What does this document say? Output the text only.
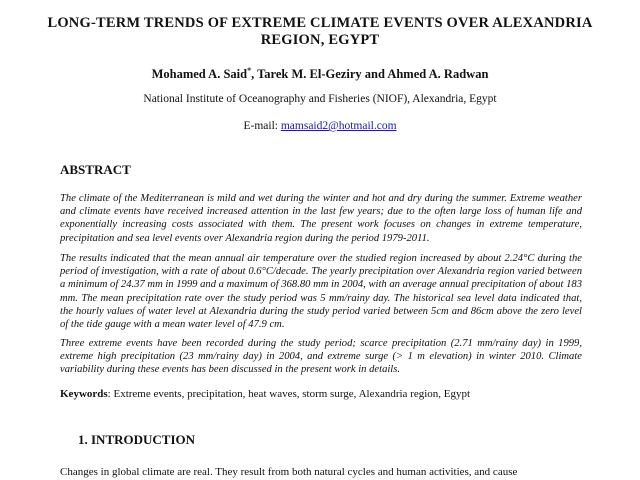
LONG-TERM TRENDS OF EXTREME CLIMATE EVENTS OVER ALEXANDRIA REGION, EGYPT
Mohamed A. Said*, Tarek M. El-Geziry and Ahmed A. Radwan
National Institute of Oceanography and Fisheries (NIOF), Alexandria, Egypt
E-mail: mamsaid2@hotmail.com
ABSTRACT

The climate of the Mediterranean is mild and wet during the winter and hot and dry during the summer. Extreme weather and climate events have received increased attention in the last few years; due to the often large loss of human life and exponentially increasing costs associated with them. The present work focuses on changes in extreme temperature, precipitation and sea level events over Alexandria region during the period 1979-2011.

The results indicated that the mean annual air temperature over the studied region increased by about 2.24°C during the period of investigation, with a rate of about 0.6°C/decade. The yearly precipitation over Alexandria region varied between a minimum of 24.37 mm in 1999 and a maximum of 368.80 mm in 2004, with an average annual precipitation of about 183 mm. The mean precipitation rate over the study period was 5 mm/rainy day. The historical sea level data indicated that, the hourly values of water level at Alexandria during the study period varied between 5cm and 86cm above the zero level of the tide gauge with a mean water level of 47.9 cm.

Three extreme events have been recorded during the study period; scarce precipitation (2.71 mm/rainy day) in 1999, extreme high precipitation (23 mm/rainy day) in 2004, and extreme surge (> 1 m elevation) in winter 2010. Climate variability during these events has been discussed in the present work in details.

Keywords: Extreme events, precipitation, heat waves, storm surge, Alexandria region, Egypt
1. INTRODUCTION
Changes in global climate are real. They result from both natural cycles and human activities, and cause
